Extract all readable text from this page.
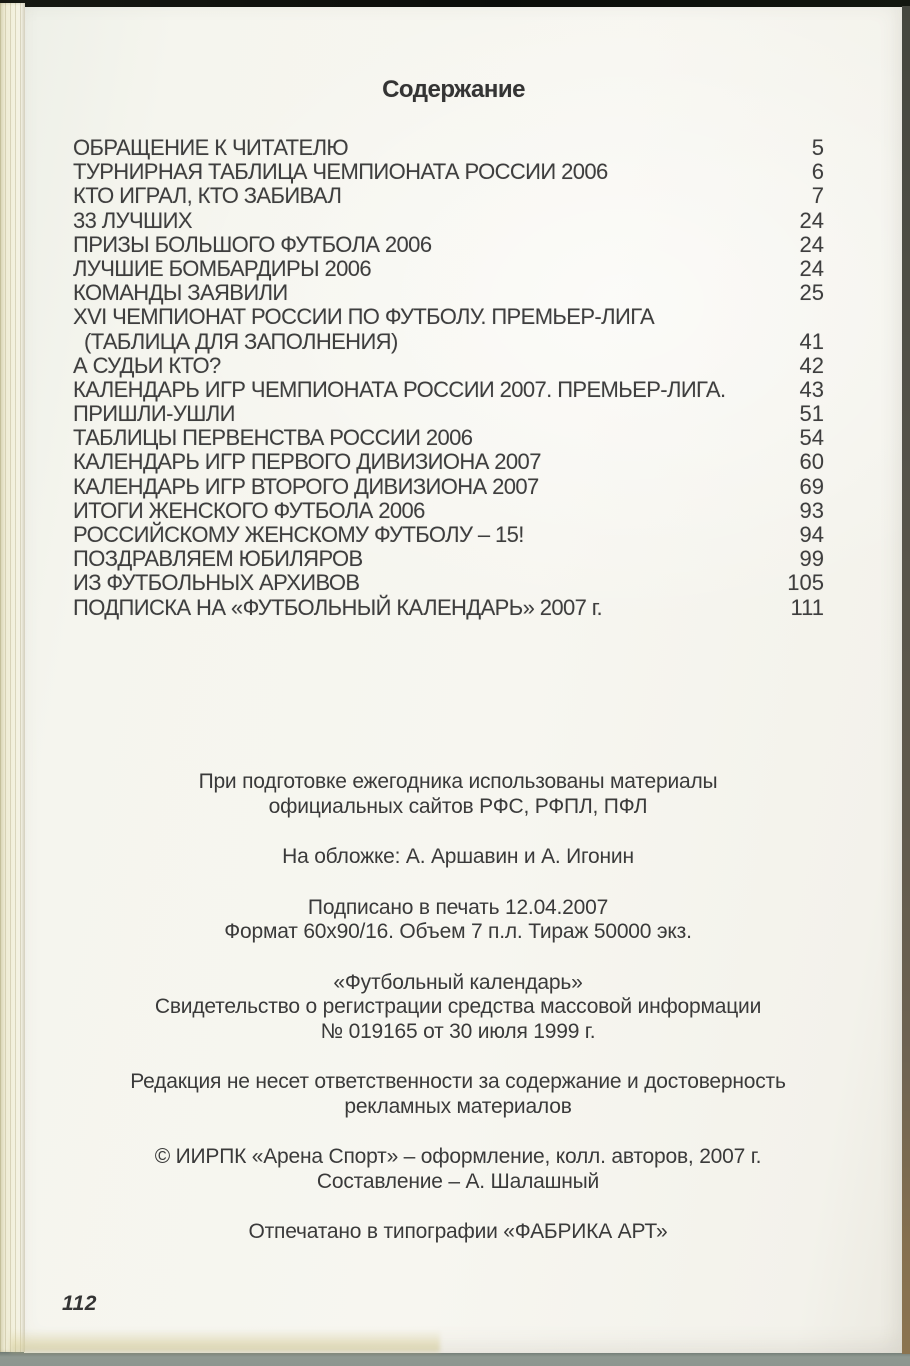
Содержание
ОБРАЩЕНИЕ К ЧИТАТЕЛЮ	5
ТУРНИРНАЯ ТАБЛИЦА ЧЕМПИОНАТА РОССИИ 2006	6
КТО ИГРАЛ, КТО ЗАБИВАЛ	7
33 ЛУЧШИХ	24
ПРИЗЫ БОЛЬШОГО ФУТБОЛА 2006	24
ЛУЧШИЕ БОМБАРДИРЫ 2006	24
КОМАНДЫ ЗАЯВИЛИ	25
XVI ЧЕМПИОНАТ РОССИИ ПО ФУТБОЛУ. ПРЕМЬЕР-ЛИГА
(ТАБЛИЦА ДЛЯ ЗАПОЛНЕНИЯ)	41
А СУДЬИ КТО?	42
КАЛЕНДАРЬ ИГР ЧЕМПИОНАТА РОССИИ 2007. ПРЕМЬЕР-ЛИГА.	43
ПРИШЛИ-УШЛИ	51
ТАБЛИЦЫ ПЕРВЕНСТВА РОССИИ 2006	54
КАЛЕНДАРЬ ИГР ПЕРВОГО ДИВИЗИОНА 2007	60
КАЛЕНДАРЬ ИГР ВТОРОГО ДИВИЗИОНА 2007	69
ИТОГИ ЖЕНСКОГО ФУТБОЛА 2006	93
РОССИЙСКОМУ ЖЕНСКОМУ ФУТБОЛУ – 15!	94
ПОЗДРАВЛЯЕМ ЮБИЛЯРОВ	99
ИЗ ФУТБОЛЬНЫХ АРХИВОВ	105
ПОДПИСКА НА «ФУТБОЛЬНЫЙ КАЛЕНДАРЬ» 2007 г.	111

При подготовке ежегодника использованы материалы
официальных сайтов РФС, РФПЛ, ПФЛ

На обложке: А. Аршавин и А. Игонин

Подписано в печать 12.04.2007
Формат 60х90/16. Объем 7 п.л. Тираж 50000 экз.

«Футбольный календарь»
Свидетельство о регистрации средства массовой информации
№ 019165 от 30 июля 1999 г.

Редакция не несет ответственности за содержание и достоверность
рекламных материалов

© ИИРПК «Арена Спорт» – оформление, колл. авторов, 2007 г.
Составление – А. Шалашный

Отпечатано в типографии «ФАБРИКА АРТ»

112
